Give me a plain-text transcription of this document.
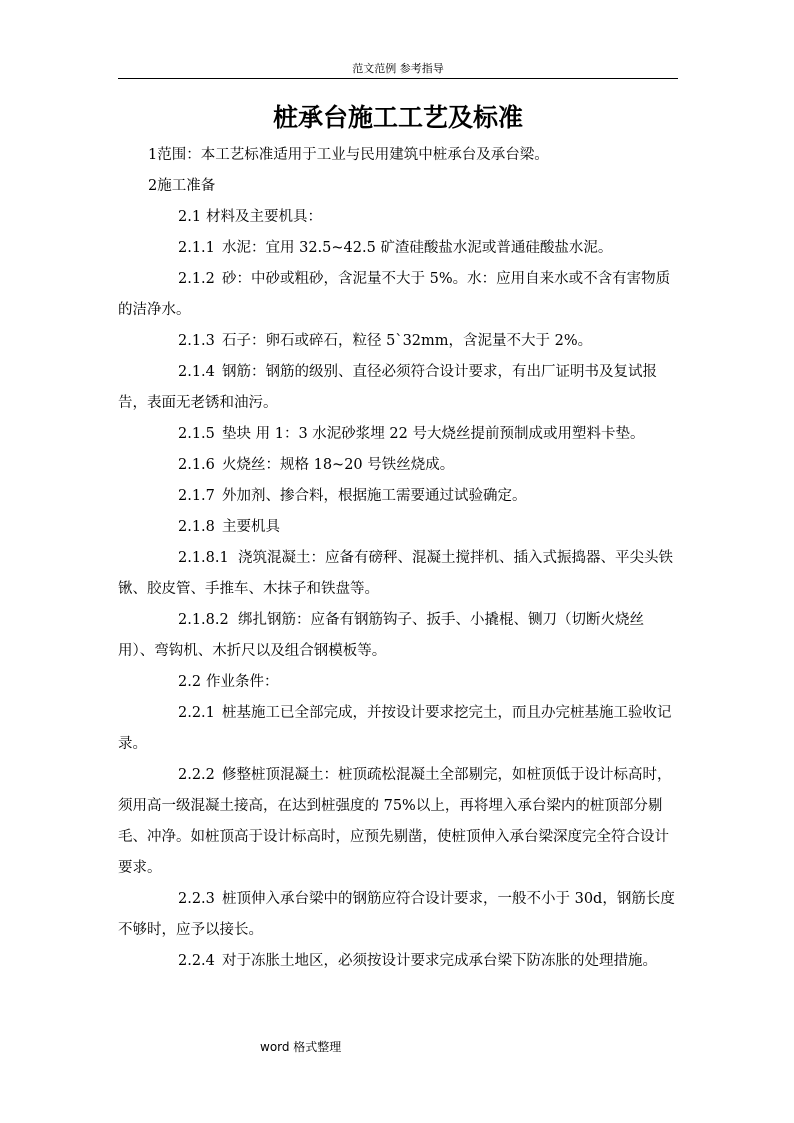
范文范例 参考指导
桩承台施工工艺及标准

1范围：本工艺标准适用于工业与民用建筑中桩承台及承台梁。

2施工准备

2.1 材料及主要机具：

2.1.1 水泥：宜用 32.5~42.5 矿渣硅酸盐水泥或普通硅酸盐水泥。

2.1.2 砂：中砂或粗砂，含泥量不大于 5%。水：应用自来水或不含有害物质的洁净水。

2.1.3 石子：卵石或碎石，粒径 5`32mm，含泥量不大于 2%。

2.1.4 钢筋：钢筋的级别、直径必须符合设计要求，有出厂证明书及复试报告，表面无老锈和油污。

2.1.5 垫块 用 1：3 水泥砂浆埋 22 号大烧丝提前预制成或用塑料卡垫。

2.1.6 火烧丝：规格 18~20 号铁丝烧成。

2.1.7 外加剂、掺合料，根据施工需要通过试验确定。

2.1.8 主要机具

2.1.8.1 浇筑混凝土：应备有磅秤、混凝土搅拌机、插入式振捣器、平尖头铁锹、胶皮管、手推车、木抹子和铁盘等。

2.1.8.2 绑扎钢筋：应备有钢筋钩子、扳手、小撬棍、铡刀（切断火烧丝用）、弯钩机、木折尺以及组合钢模板等。

2.2 作业条件：

2.2.1 桩基施工已全部完成，并按设计要求挖完土，而且办完桩基施工验收记录。

2.2.2 修整桩顶混凝土：桩顶疏松混凝土全部剔完，如桩顶低于设计标高时，须用高一级混凝土接高，在达到桩强度的 75%以上，再将埋入承台梁内的桩顶部分剔毛、冲净。如桩顶高于设计标高时，应预先剔凿，使桩顶伸入承台梁深度完全符合设计要求。

2.2.3 桩顶伸入承台梁中的钢筋应符合设计要求，一般不小于 30d，钢筋长度不够时，应予以接长。

2.2.4 对于冻胀土地区，必须按设计要求完成承台梁下防冻胀的处理措施。

word 格式整理
